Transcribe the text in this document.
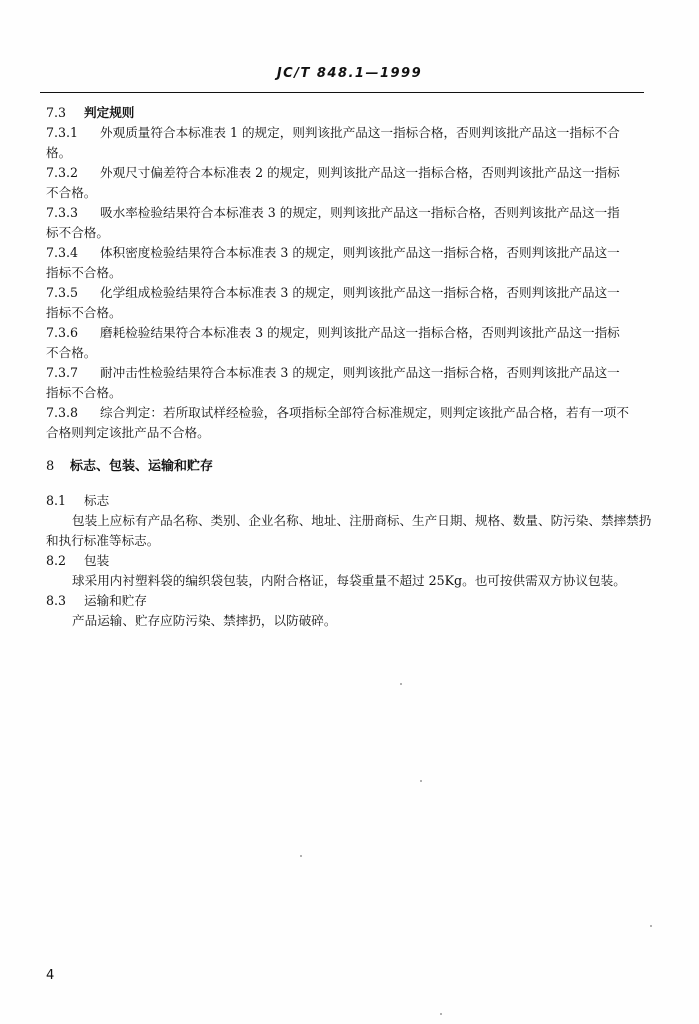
JC/T 848.1—1999
7.3 判定规则
7.3.1 外观质量符合本标准表 1 的规定，则判该批产品这一指标合格，否则判该批产品这一指标不合
格。
7.3.2 外观尺寸偏差符合本标准表 2 的规定，则判该批产品这一指标合格，否则判该批产品这一指标
不合格。
7.3.3 吸水率检验结果符合本标准表 3 的规定，则判该批产品这一指标合格，否则判该批产品这一指
标不合格。
7.3.4 体积密度检验结果符合本标准表 3 的规定，则判该批产品这一指标合格，否则判该批产品这一
指标不合格。
7.3.5 化学组成检验结果符合本标准表 3 的规定，则判该批产品这一指标合格，否则判该批产品这一
指标不合格。
7.3.6 磨耗检验结果符合本标准表 3 的规定，则判该批产品这一指标合格，否则判该批产品这一指标
不合格。
7.3.7 耐冲击性检验结果符合本标准表 3 的规定，则判该批产品这一指标合格，否则判该批产品这一
指标不合格。
7.3.8 综合判定：若所取试样经检验，各项指标全部符合标准规定，则判定该批产品合格，若有一项不
合格则判定该批产品不合格。
8 标志、包装、运输和贮存
8.1 标志
包装上应标有产品名称、类别、企业名称、地址、注册商标、生产日期、规格、数量、防污染、禁摔禁扔
和执行标准等标志。
8.2 包装
球采用内衬塑料袋的编织袋包装，内附合格证，每袋重量不超过 25Kg。也可按供需双方协议包装。
8.3 运输和贮存
产品运输、贮存应防污染、禁摔扔，以防破碎。
4
